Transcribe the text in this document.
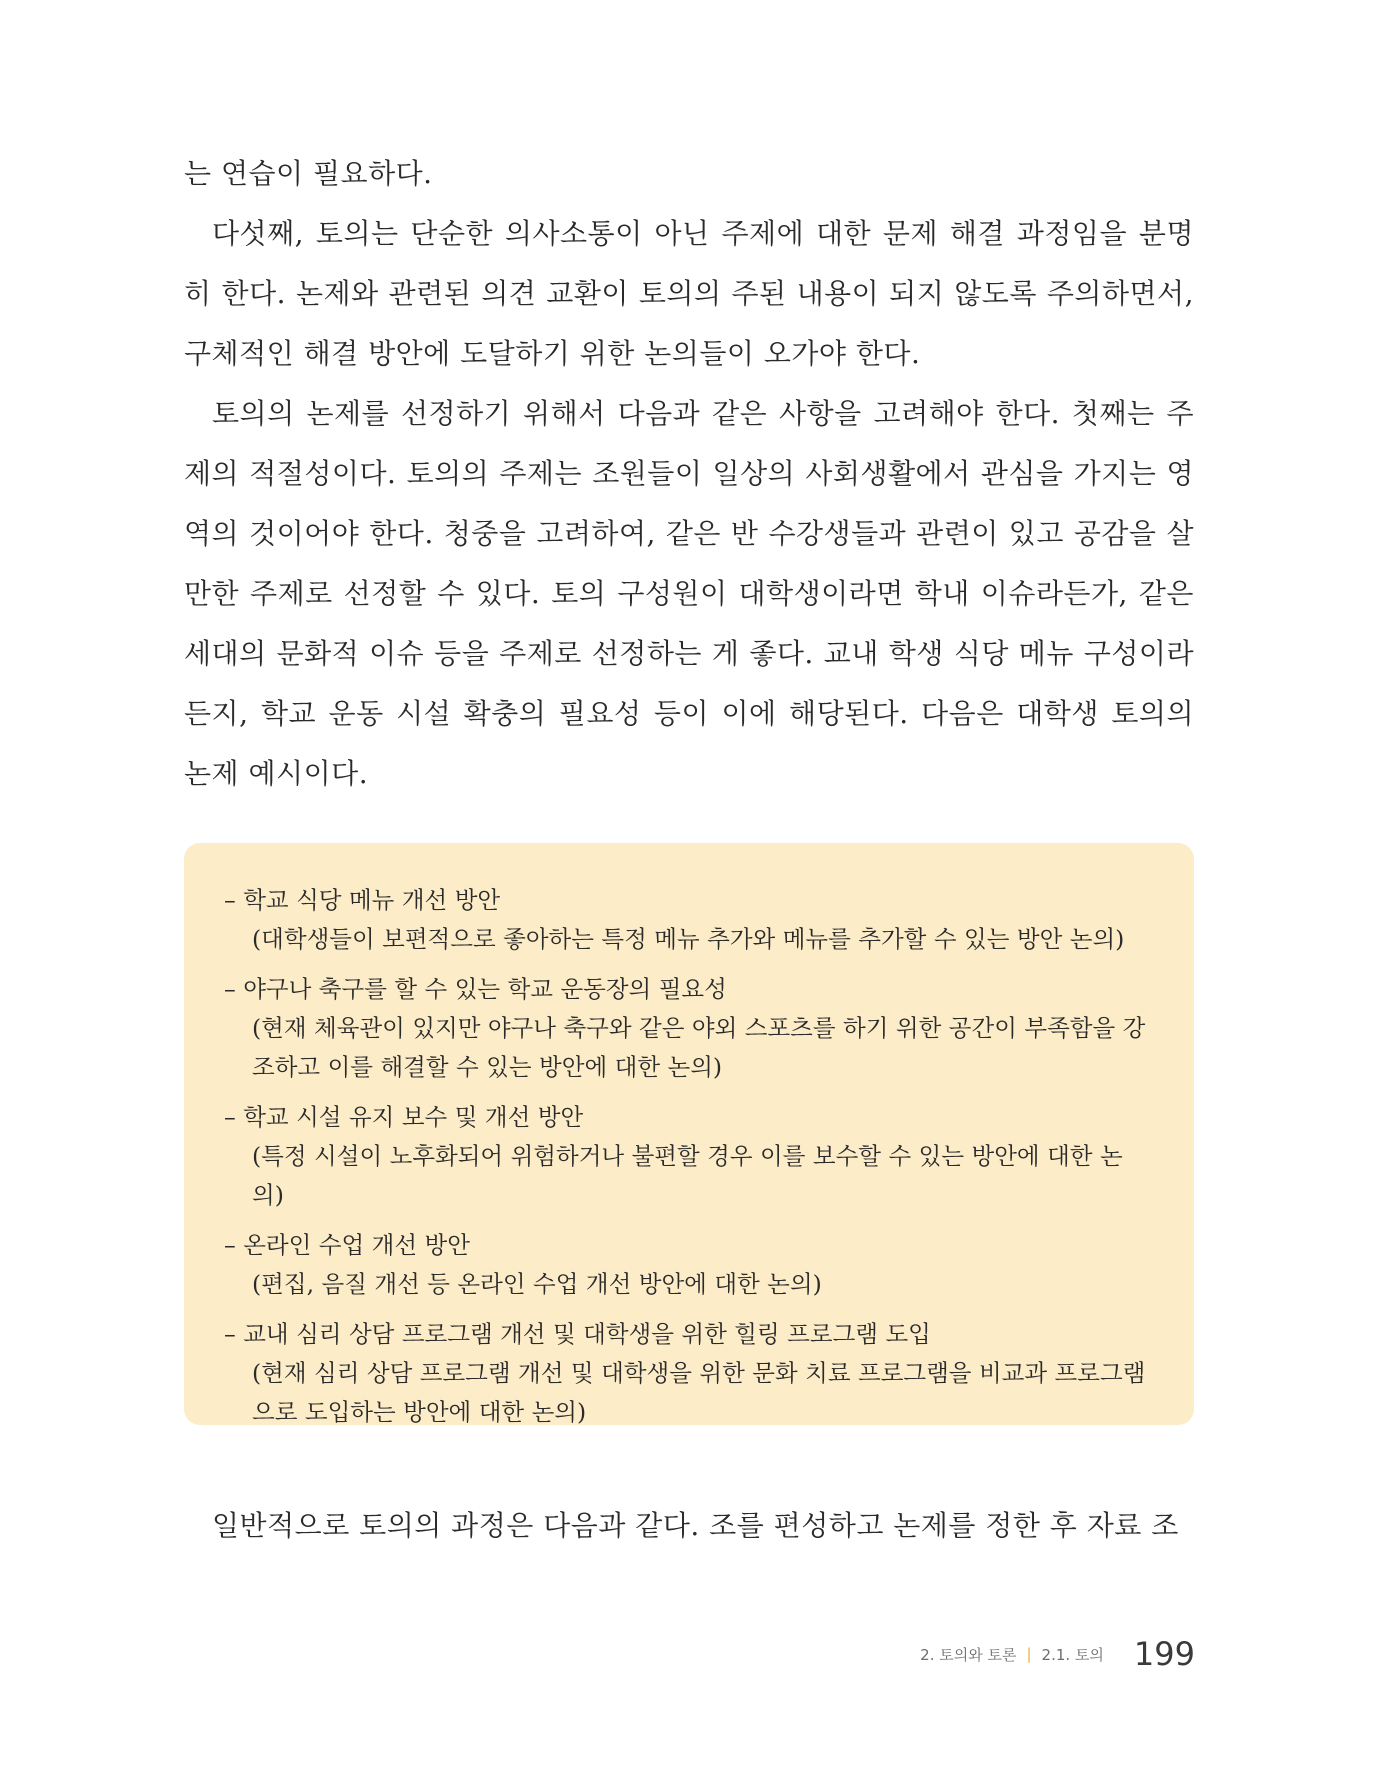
는 연습이 필요하다.

다섯째, 토의는 단순한 의사소통이 아닌 주제에 대한 문제 해결 과정임을 분명히 한다. 논제와 관련된 의견 교환이 토의의 주된 내용이 되지 않도록 주의하면서, 구체적인 해결 방안에 도달하기 위한 논의들이 오가야 한다.

토의의 논제를 선정하기 위해서 다음과 같은 사항을 고려해야 한다. 첫째는 주제의 적절성이다. 토의의 주제는 조원들이 일상의 사회생활에서 관심을 가지는 영역의 것이어야 한다. 청중을 고려하여, 같은 반 수강생들과 관련이 있고 공감을 살 만한 주제로 선정할 수 있다. 토의 구성원이 대학생이라면 학내 이슈라든가, 같은 세대의 문화적 이슈 등을 주제로 선정하는 게 좋다. 교내 학생 식당 메뉴 구성이라든지, 학교 운동 시설 확충의 필요성 등이 이에 해당된다. 다음은 대학생 토의의 논제 예시이다.

– 학교 식당 메뉴 개선 방안
(대학생들이 보편적으로 좋아하는 특정 메뉴 추가와 메뉴를 추가할 수 있는 방안 논의)
– 야구나 축구를 할 수 있는 학교 운동장의 필요성
(현재 체육관이 있지만 야구나 축구와 같은 야외 스포츠를 하기 위한 공간이 부족함을 강조하고 이를 해결할 수 있는 방안에 대한 논의)
– 학교 시설 유지 보수 및 개선 방안
(특정 시설이 노후화되어 위험하거나 불편할 경우 이를 보수할 수 있는 방안에 대한 논의)
– 온라인 수업 개선 방안
(편집, 음질 개선 등 온라인 수업 개선 방안에 대한 논의)
– 교내 심리 상담 프로그램 개선 및 대학생을 위한 힐링 프로그램 도입
(현재 심리 상담 프로그램 개선 및 대학생을 위한 문화 치료 프로그램을 비교과 프로그램으로 도입하는 방안에 대한 논의)

일반적으로 토의의 과정은 다음과 같다. 조를 편성하고 논제를 정한 후 자료 조

2. 토의와 토론 | 2.1. 토의 199
